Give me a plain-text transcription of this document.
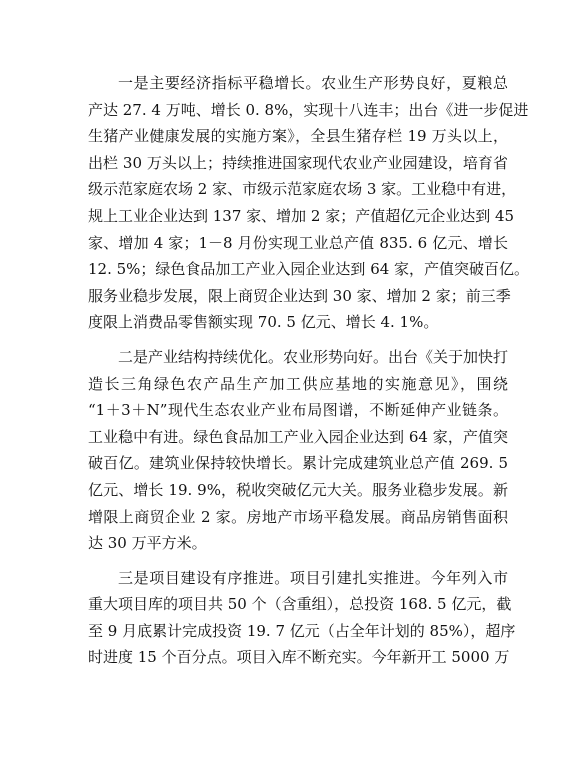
一是主要经济指标平稳增长。农业生产形势良好，夏粮总
产达 27. 4 万吨、增长 0. 8%，实现十八连丰；出台《进一步促进
生猪产业健康发展的实施方案》，全县生猪存栏 19 万头以上，
出栏 30 万头以上；持续推进国家现代农业产业园建设，培育省
级示范家庭农场 2 家、市级示范家庭农场 3 家。工业稳中有进，
规上工业企业达到 137 家、增加 2 家；产值超亿元企业达到 45
家、增加 4 家；1－8 月份实现工业总产值 835. 6 亿元、增长
12. 5%；绿色食品加工产业入园企业达到 64 家，产值突破百亿。
服务业稳步发展，限上商贸企业达到 30 家、增加 2 家；前三季
度限上消费品零售额实现 70. 5 亿元、增长 4. 1%。
二是产业结构持续优化。农业形势向好。出台《关于加快打
造长三角绿色农产品生产加工供应基地的实施意见》，围绕
“1＋3＋N”现代生态农业产业布局图谱，不断延伸产业链条。
工业稳中有进。绿色食品加工产业入园企业达到 64 家，产值突
破百亿。建筑业保持较快增长。累计完成建筑业总产值 269. 5
亿元、增长 19. 9%，税收突破亿元大关。服务业稳步发展。新
增限上商贸企业 2 家。房地产市场平稳发展。商品房销售面积
达 30 万平方米。
三是项目建设有序推进。项目引建扎实推进。今年列入市
重大项目库的项目共 50 个（含重组），总投资 168. 5 亿元，截
至 9 月底累计完成投资 19. 7 亿元（占全年计划的 85%），超序
时进度 15 个百分点。项目入库不断充实。今年新开工 5000 万
